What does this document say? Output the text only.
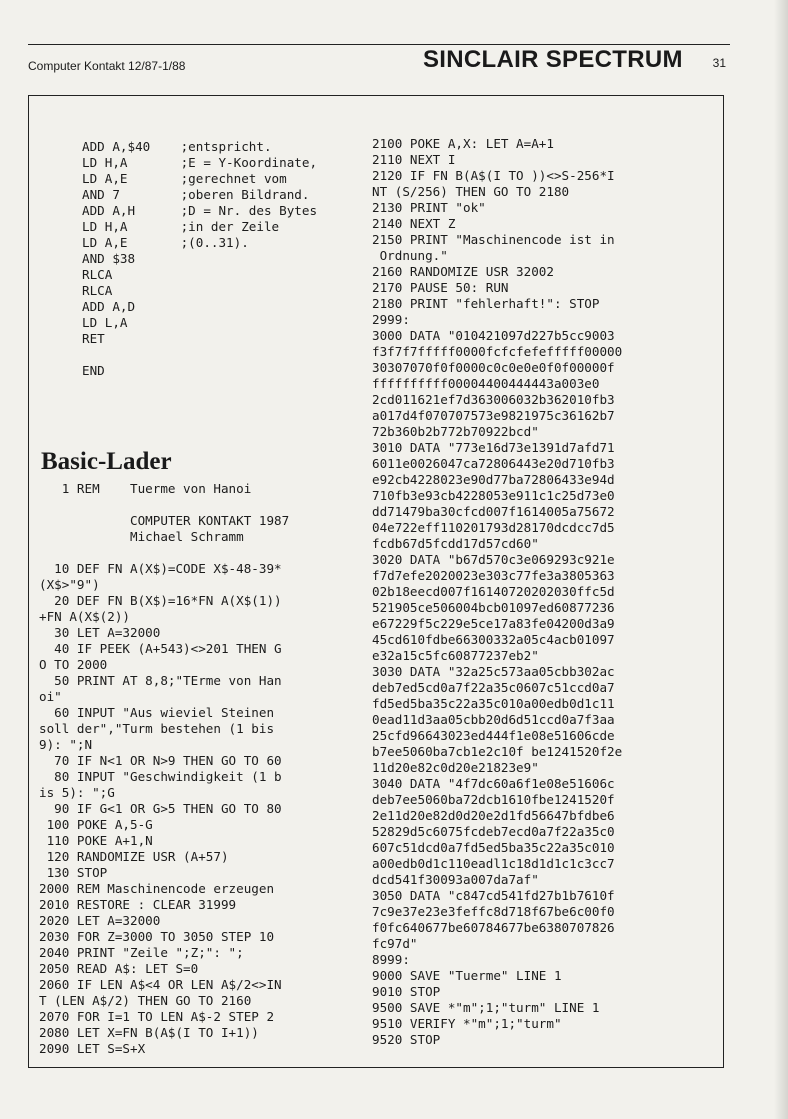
Computer Kontakt 12/87-1/88	SINCLAIR SPECTRUM 31
ADD A,$40    ;entspricht.
LD H,A       ;E = Y-Koordinate,
LD A,E       ;gerechnet vom
AND 7        ;oberen Bildrand.
ADD A,H      ;D = Nr. des Bytes
LD H,A       ;in der Zeile
LD A,E       ;(0..31).
AND $38
RLCA
RLCA
ADD A,D
LD L,A
RET

END
Basic-Lader
1 REM    Tuerme von Hanoi

COMPUTER KONTAKT 1987
Michael Schramm

10 DEF FN A(X$)=CODE X$-48-39*
(X$>"9")
20 DEF FN B(X$)=16*FN A(X$(1))
+FN A(X$(2))
30 LET A=32000
40 IF PEEK (A+543)<>201 THEN G
O TO 2000
50 PRINT AT 8,8;"TErme von Han
oi"
60 INPUT "Aus wieviel Steinen
soll der","Turm bestehen (1 bis
9): ";N
70 IF N<1 OR N>9 THEN GO TO 60
80 INPUT "Geschwindigkeit (1 b
is 5): ";G
90 IF G<1 OR G>5 THEN GO TO 80
100 POKE A,5-G
110 POKE A+1,N
120 RANDOMIZE USR (A+57)
130 STOP
2000 REM Maschinencode erzeugen
2010 RESTORE : CLEAR 31999
2020 LET A=32000
2030 FOR Z=3000 TO 3050 STEP 10
2040 PRINT "Zeile ";Z;": ";
2050 READ A$: LET S=0
2060 IF LEN A$<4 OR LEN A$/2<>IN
T (LEN A$/2) THEN GO TO 2160
2070 FOR I=1 TO LEN A$-2 STEP 2
2080 LET X=FN B(A$(I TO I+1))
2090 LET S=S+X
2100 POKE A,X: LET A=A+1
2110 NEXT I
2120 IF FN B(A$(I TO ))<>S-256*I
NT (S/256) THEN GO TO 2180
2130 PRINT "ok"
2140 NEXT Z
2150 PRINT "Maschinencode ist in
Ordnung."
2160 RANDOMIZE USR 32002
2170 PAUSE 50: RUN
2180 PRINT "fehlerhaft!": STOP
2999:
3000 DATA "010421097d227b5cc9003
f3f7f7fffff0000fcfcfefefffff00000
30307070f0f0000c0c0e0e0f0f00000f
ffffffffff00004400444443a003e0
2cd011621ef7d363006032b362010fb3
a017d4f070707573e9821975c36162b7
72b360b2b772b70922bcd"
3010 DATA "773e16d73e1391d7afd71
6011e0026047ca72806443e20d710fb3
e92cb4228023e90d77ba72806433e94d
710fb3e93cb4228053e911c1c25d73e0
dd71479ba30cfcd007f1614005a75672
04e722eff110201793d28170dcdcc7d5
fcdb67d5fcdd17d57cd60"
3020 DATA "b67d570c3e069293c921e
f7d7efe2020023e303c77fe3a3805363
02b18eecd007f16140720202030ffc5d
521905ce506004bcb01097ed60877236
e67229f5c229e5ce17a83fe04200d3a9
45cd610fdbe66300332a05c4acb01097
e32a15c5fc60877237eb2"
3030 DATA "32a25c573aa05cbb302ac
deb7ed5cd0a7f22a35c0607c51ccd0a7
fd5ed5ba35c22a35c010a00edb0d1c11
0ead11d3aa05cbb20d6d51ccd0a7f3aa
25cfd96643023ed444f1e08e51606cde
b7ee5060ba7cb1e2c10f be1241520f2e
11d20e82c0d20e21823e9"
3040 DATA "4f7dc60a6f1e08e51606c
deb7ee5060ba72dcb1610fbe1241520f
2e11d20e82d0d20e2d1fd56647bfdbe6
52829d5c6075fcdeb7ecd0a7f22a35c0
607c51dcd0a7fd5ed5ba35c22a35c010
a00edb0d1c110eadl1c18d1d1c1c3cc7
dcd541f30093a007da7af"
3050 DATA "c847cd541fd27b1b7610f
7c9e37e23e3feffc8d718f67be6c00f0
f0fc640677be60784677be6380707826
fc97d"
8999:
9000 SAVE "Tuerme" LINE 1
9010 STOP
9500 SAVE *"m";1;"turm" LINE 1
9510 VERIFY *"m";1;"turm"
9520 STOP
